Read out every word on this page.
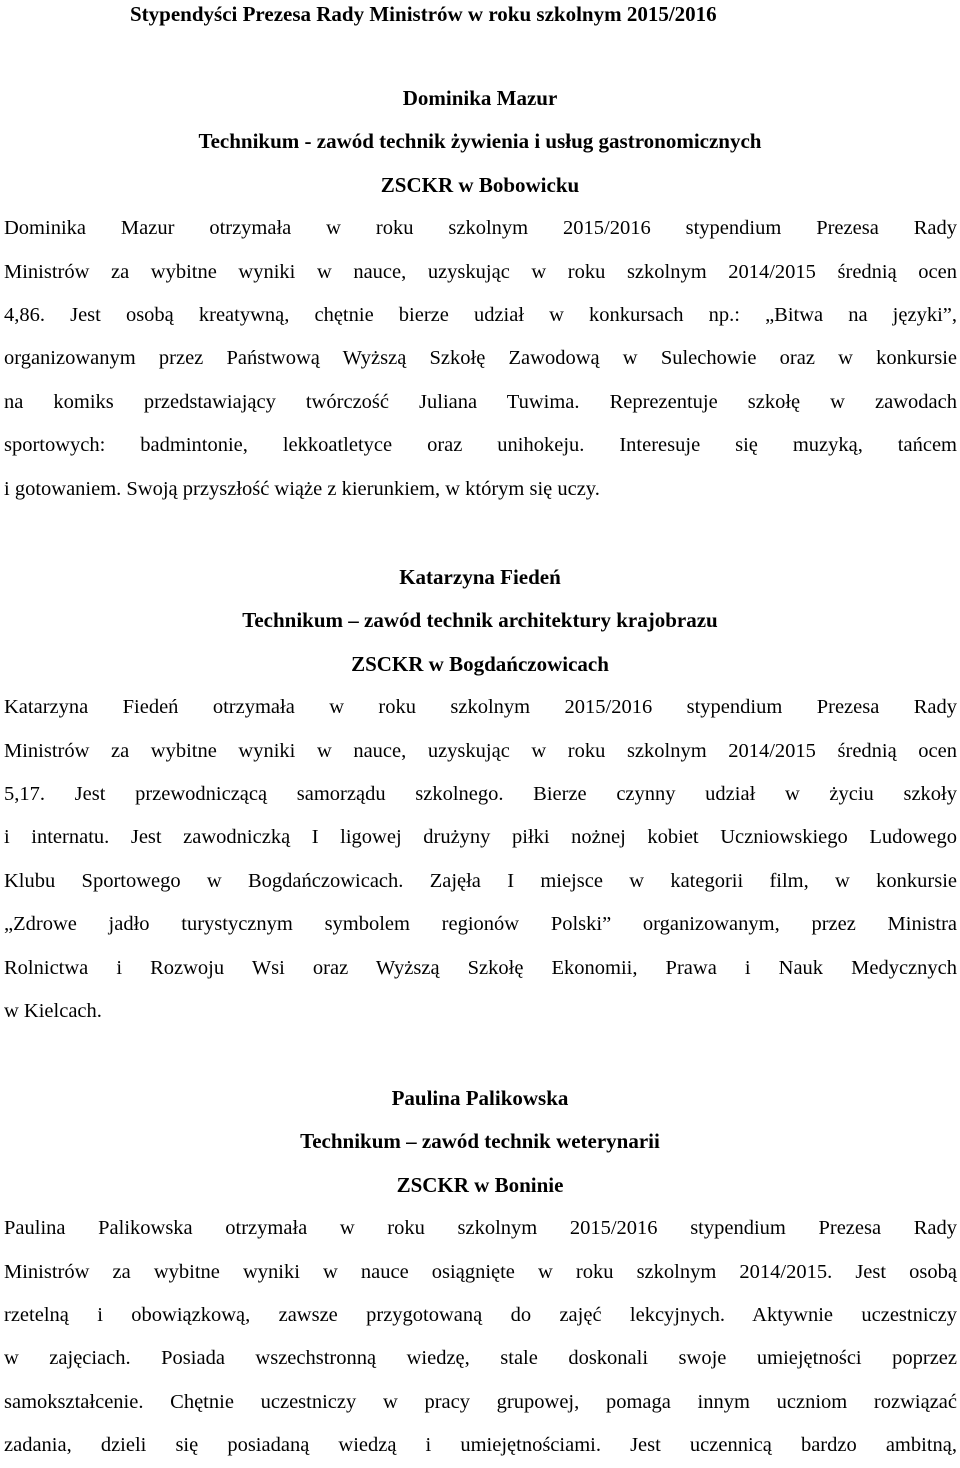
Stypendyści Prezesa Rady Ministrów w roku szkolnym 2015/2016
Dominika Mazur
Technikum - zawód technik żywienia i usług gastronomicznych
ZSCKR w Bobowicku
Dominika Mazur otrzymała w roku szkolnym 2015/2016 stypendium Prezesa Rady
Ministrów za wybitne wyniki w nauce, uzyskując w roku szkolnym 2014/2015 średnią ocen
4,86. Jest osobą kreatywną, chętnie bierze udział w konkursach np.: „Bitwa na języki”,
organizowanym przez Państwową Wyższą Szkołę Zawodową w Sulechowie oraz w konkursie
na komiks przedstawiający twórczość Juliana Tuwima. Reprezentuje szkołę w zawodach
sportowych: badmintonie, lekkoatletyce oraz unihokeju. Interesuje się muzyką, tańcem
i gotowaniem. Swoją przyszłość wiąże z kierunkiem, w którym się uczy.
Katarzyna Fiedeń
Technikum – zawód technik architektury krajobrazu
ZSCKR w Bogdańczowicach
Katarzyna Fiedeń otrzymała w roku szkolnym 2015/2016 stypendium Prezesa Rady
Ministrów za wybitne wyniki w nauce, uzyskując w roku szkolnym 2014/2015 średnią ocen
5,17. Jest przewodniczącą samorządu szkolnego. Bierze czynny udział w życiu szkoły
i internatu. Jest zawodniczką I ligowej drużyny piłki nożnej kobiet Uczniowskiego Ludowego
Klubu Sportowego w Bogdańczowicach. Zajęła I miejsce w kategorii film, w konkursie
„Zdrowe jadło turystycznym symbolem regionów Polski” organizowanym, przez Ministra
Rolnictwa i Rozwoju Wsi oraz Wyższą Szkołę Ekonomii, Prawa i Nauk Medycznych
w Kielcach.
Paulina Palikowska
Technikum – zawód technik weterynarii
ZSCKR w Boninie
Paulina Palikowska otrzymała w roku szkolnym 2015/2016 stypendium Prezesa Rady
Ministrów za wybitne wyniki w nauce osiągnięte w roku szkolnym 2014/2015. Jest osobą
rzetelną i obowiązkową, zawsze przygotowaną do zajęć lekcyjnych. Aktywnie uczestniczy
w zajęciach. Posiada wszechstronną wiedzę, stale doskonali swoje umiejętności poprzez
samokształcenie. Chętnie uczestniczy w pracy grupowej, pomaga innym uczniom rozwiązać
zadania, dzieli się posiadaną wiedzą i umiejętnościami. Jest uczennicą bardzo ambitną,
